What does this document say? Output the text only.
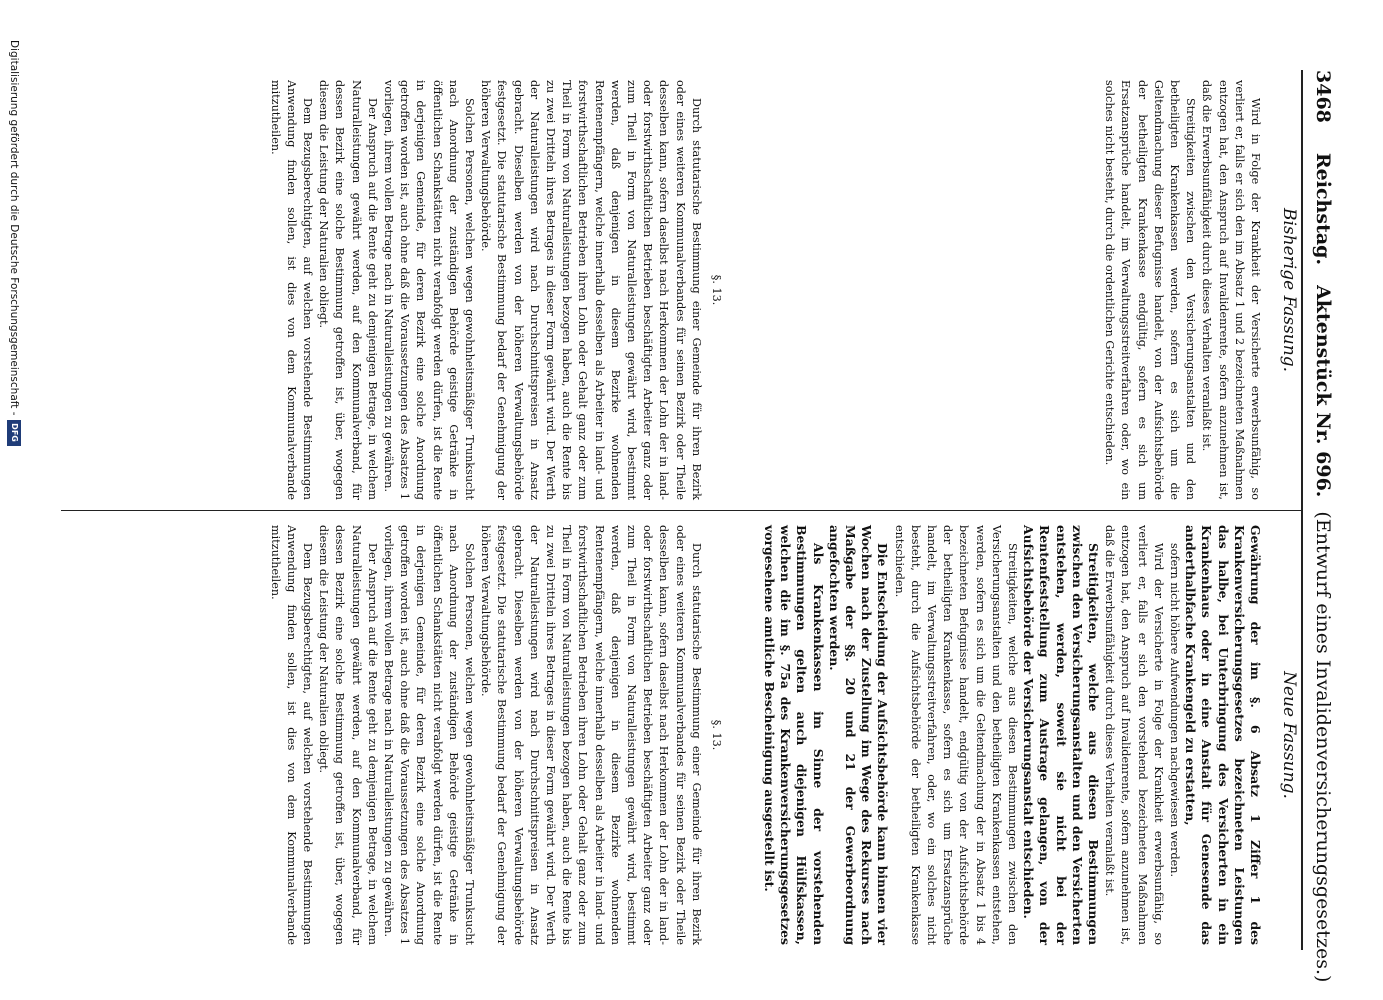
3468
Reichstag.
Aktenstück Nr. 696.
(Entwurf eines Invalidenversicherungsgesetzes.)
Bisherige Fassung.

Wird in Folge der Krankheit der Versicherte erwerbsunfähig, so verliert er, falls er sich den im Absatz 1 und 2 bezeichneten Maßnahmen entzogen hat, den Anspruch auf Invalidenrente, sofern anzunehmen ist, daß die Erwerbsunfähigkeit durch dieses Verhalten veranlaßt ist.

Streitigkeiten zwischen den Versicherungsanstalten und den betheiligten Krankenkassen werden, sofern es sich um die Geltendmachung dieser Befugnisse handelt, von der Aufsichtsbehörde der betheiligten Krankenkasse endgültig, sofern es sich um Ersatzansprüche handelt, im Verwaltungsstreitverfahren oder, wo ein solches nicht besteht, durch die ordentlichen Gerichte entschieden.

§. 13.

Durch statutarische Bestimmung einer Gemeinde für ihren Bezirk oder eines weiteren Kommunalverbandes für seinen Bezirk oder Theile desselben kann, sofern daselbst nach Herkommen der Lohn der in land- oder forstwirthschaftlichen Betrieben beschäftigten Arbeiter ganz oder zum Theil in Form von Naturalleistungen gewährt wird, bestimmt werden, daß denjenigen in diesem Bezirke wohnenden Rentenempfängern, welche innerhalb desselben als Arbeiter in land- und forstwirthschaftlichen Betrieben ihren Lohn oder Gehalt ganz oder zum Theil in Form von Naturalleistungen bezogen haben, auch die Rente bis zu zwei Dritteln ihres Betrages in dieser Form gewährt wird. Der Werth der Naturalleistungen wird nach Durchschnittspreisen in Ansatz gebracht. Dieselben werden von der höheren Verwaltungsbehörde festgesetzt. Die statutarische Bestimmung bedarf der Genehmigung der höheren Verwaltungsbehörde.

Solchen Personen, welchen wegen gewohnheitsmäßiger Trunksucht nach Anordnung der zuständigen Behörde geistige Getränke in öffentlichen Schankstätten nicht verabfolgt werden dürfen, ist die Rente in derjenigen Gemeinde, für deren Bezirk eine solche Anordnung getroffen worden ist, auch ohne daß die Voraussetzungen des Absatzes 1 vorliegen, ihrem vollen Betrage nach in Naturalleistungen zu gewähren.

Der Anspruch auf die Rente geht zu demjenigen Betrage, in welchem Naturalleistungen gewährt werden, auf den Kommunalverband, für dessen Bezirk eine solche Bestimmung getroffen ist, über, wogegen diesem die Leistung der Naturalien obliegt.

Dem Bezugsberechtigten, auf welchen vorstehende Bestimmungen Anwendung finden sollen, ist dies von dem Kommunalverbande mitzutheilen.

Neue Fassung.

Gewährung der im §. 6 Absatz 1 Ziffer 1 des Krankenversicherungsgesetzes bezeichneten Leistungen das halbe, bei Unterbringung des Versicherten in ein Krankenhaus oder in eine Anstalt für Genesende das anderthalbfache Krankengeld zu erstatten,

sofern nicht höhere Aufwendungen nachgewiesen werden.

Wird der Versicherte in Folge der Krankheit erwerbsunfähig, so verliert er, falls er sich den vorstehend bezeichneten Maßnahmen entzogen hat, den Anspruch auf Invalidenrente, sofern anzunehmen ist, daß die Erwerbsunfähigkeit durch dieses Verhalten veranlaßt ist.

Streitigkeiten, welche aus diesen Bestimmungen zwischen den Versicherungsanstalten und den Versicherten entstehen, werden, soweit sie nicht bei der Rentenfeststellung zum Austrage gelangen, von der Aufsichtsbehörde der Versicherungsanstalt entschieden.

Streitigkeiten, welche aus diesen Bestimmungen zwischen den Versicherungsanstalten und den betheiligten Krankenkassen entstehen, werden, sofern es sich um die Geltendmachung der in Absatz 1 bis 4 bezeichneten Befugnisse handelt, endgültig von der Aufsichtsbehörde der betheiligten Krankenkasse, sofern es sich um Ersatzansprüche handelt, im Verwaltungsstreitverfahren, oder, wo ein solches nicht besteht, durch die Aufsichtsbehörde der betheiligten Krankenkasse entschieden.

Die Entscheidung der Aufsichtsbehörde kann binnen vier Wochen nach der Zustellung im Wege des Rekurses nach Maßgabe der §§. 20 und 21 der Gewerbeordnung angefochten werden.

Als Krankenkassen im Sinne der vorstehenden Bestimmungen gelten auch diejenigen Hülfskassen, welchen die im §. 75a des Krankenversicherungsgesetzes vorgesehene amtliche Bescheinigung ausgestellt ist.

§. 13.

Durch statutarische Bestimmung einer Gemeinde für ihren Bezirk oder eines weiteren Kommunalverbandes für seinen Bezirk oder Theile desselben kann, sofern daselbst nach Herkommen der Lohn der in land- oder forstwirthschaftlichen Betrieben beschäftigten Arbeiter ganz oder zum Theil in Form von Naturalleistungen gewährt wird, bestimmt werden, daß denjenigen in diesem Bezirke wohnenden Rentenempfängern, welche innerhalb desselben als Arbeiter in land- und forstwirthschaftlichen Betrieben ihren Lohn oder Gehalt ganz oder zum Theil in Form von Naturalleistungen bezogen haben, auch die Rente bis zu zwei Dritteln ihres Betrages in dieser Form gewährt wird. Der Werth der Naturalleistungen wird nach Durchschnittspreisen in Ansatz gebracht. Dieselben werden von der höheren Verwaltungsbehörde festgesetzt. Die statutarische Bestimmung bedarf der Genehmigung der höheren Verwaltungsbehörde.

Solchen Personen, welchen wegen gewohnheitsmäßiger Trunksucht nach Anordnung der zuständigen Behörde geistige Getränke in öffentlichen Schankstätten nicht verabfolgt werden dürfen, ist die Rente in derjenigen Gemeinde, für deren Bezirk eine solche Anordnung getroffen worden ist, auch ohne daß die Voraussetzungen des Absatzes 1 vorliegen, ihrem vollen Betrage nach in Naturalleistungen zu gewähren.

Der Anspruch auf die Rente geht zu demjenigen Betrage, in welchem Naturalleistungen gewährt werden, auf den Kommunalverband, für dessen Bezirk eine solche Bestimmung getroffen ist, über, wogegen diesem die Leistung der Naturalien obliegt.

Dem Bezugsberechtigten, auf welchen vorstehende Bestimmungen Anwendung finden sollen, ist dies von dem Kommunalverbande mitzutheilen.

Digitalisierung gefördert durch die Deutsche Forschungsgemeinschaft -
DFG
